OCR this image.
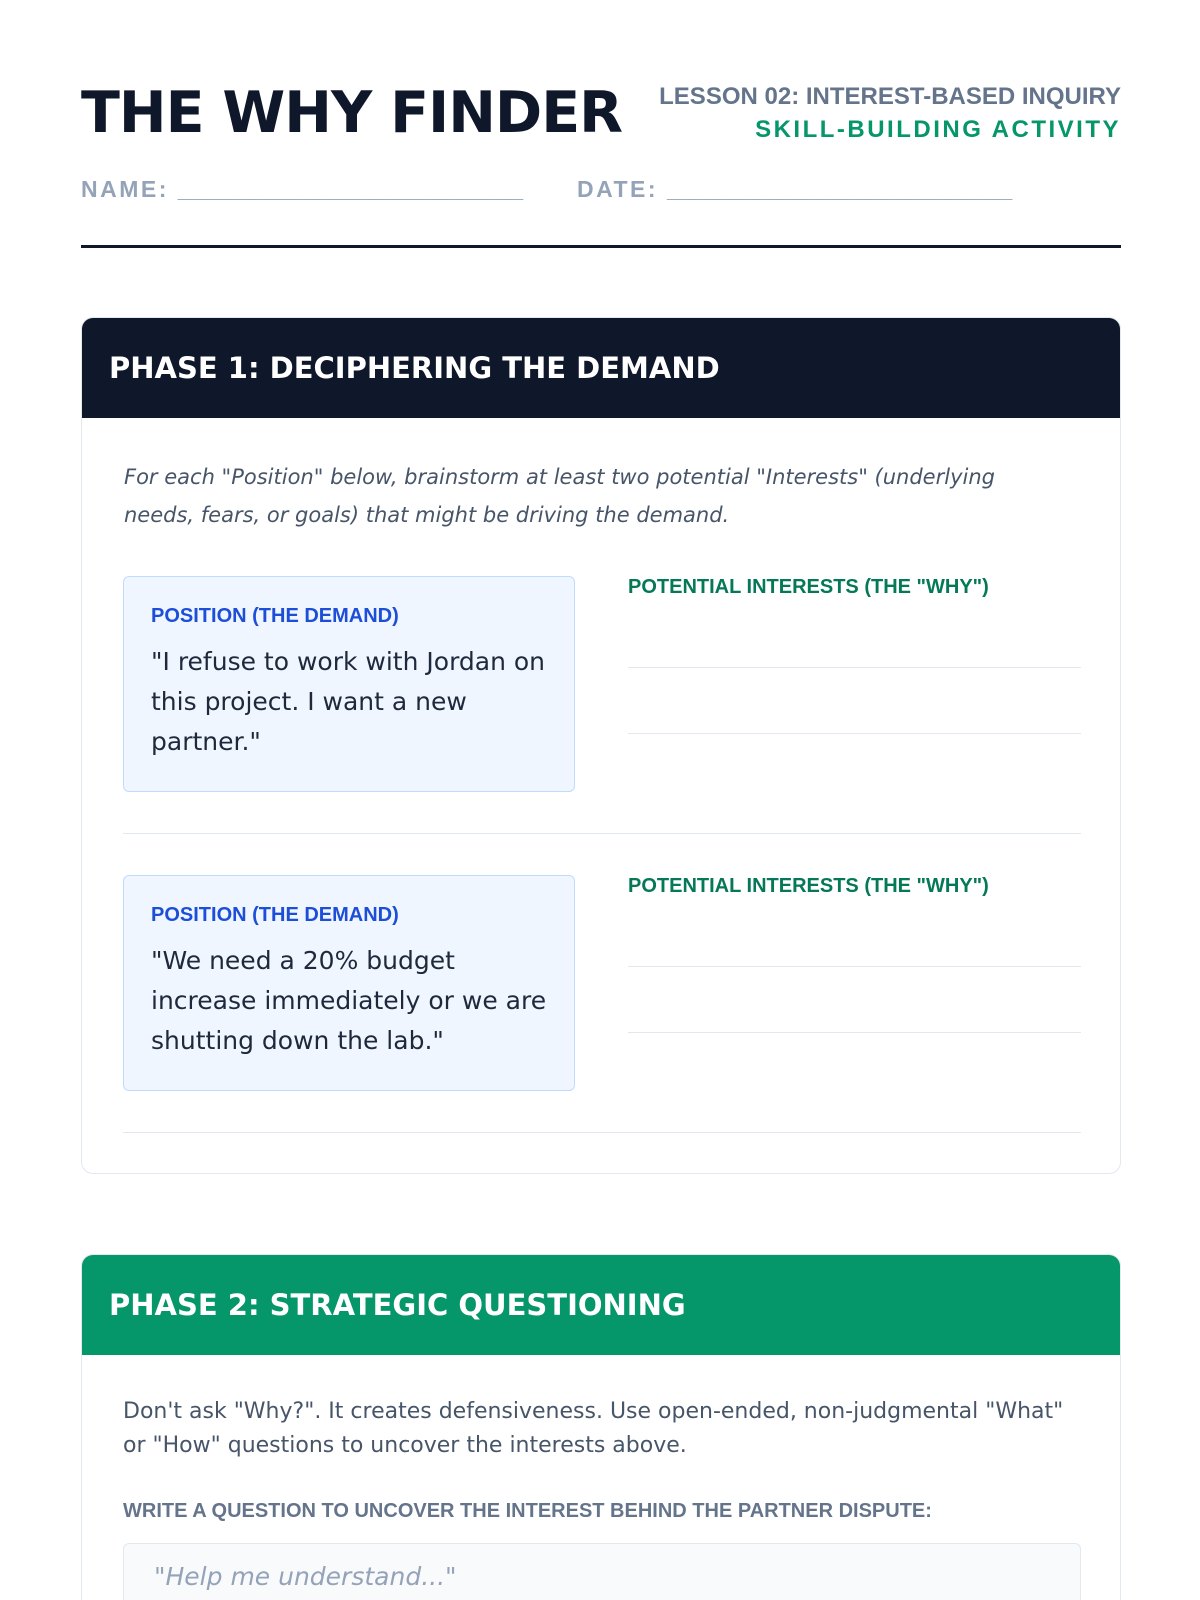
THE WHY FINDER LESSON 02: INTEREST-BASED INQUIRY
SKILL-BUILDING ACTIVITY
NAME: ___________________________ DATE: ___________________________
PHASE 1: DECIPHERING THE DEMAND
For each "Position" below, brainstorm at least two potential "Interests" (underlying needs, fears, or goals) that might be driving the demand.
POSITION (THE DEMAND)
"I refuse to work with Jordan on this project. I want a new partner."
POTENTIAL INTERESTS (THE "WHY")
POSITION (THE DEMAND)
"We need a 20% budget increase immediately or we are shutting down the lab."
POTENTIAL INTERESTS (THE "WHY")
PHASE 2: STRATEGIC QUESTIONING
Don't ask "Why?". It creates defensiveness. Use open-ended, non-judgmental "What" or "How" questions to uncover the interests above.
WRITE A QUESTION TO UNCOVER THE INTEREST BEHIND THE PARTNER DISPUTE:
"Help me understand..."
